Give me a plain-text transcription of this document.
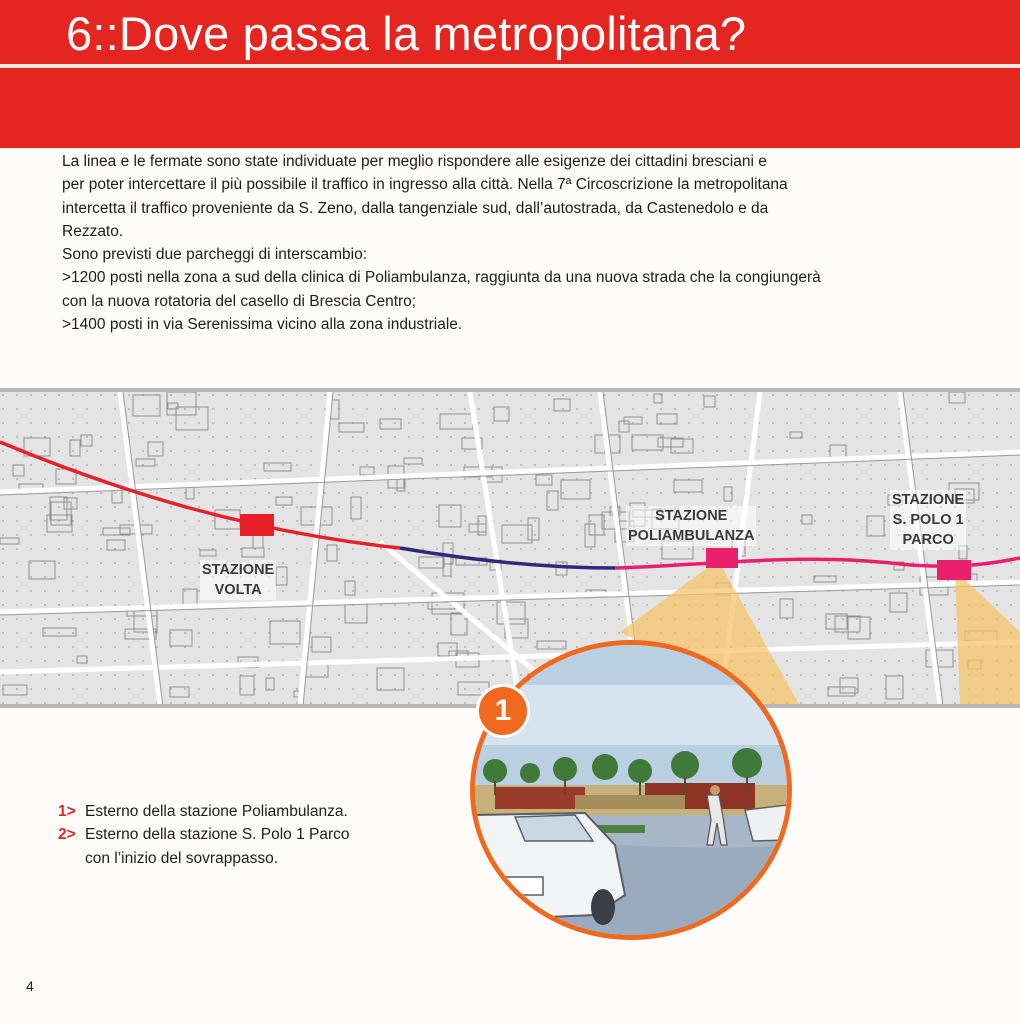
6::Dove passa la metropolitana?

La linea e le fermate sono state individuate per meglio rispondere alle esigenze dei cittadini bresciani e
per poter intercettare il più possibile il traffico in ingresso alla città. Nella 7ª Circoscrizione la metropolitana
intercetta il traffico proveniente da S. Zeno, dalla tangenziale sud, dall’autostrada, da Castenedolo e da
Rezzato.
Sono previsti due parcheggi di interscambio:
>1200 posti nella zona a sud della clinica di Poliambulanza, raggiunta da una nuova strada che la congiungerà
con la nuova rotatoria del casello di Brescia Centro;
>1400 posti in via Serenissima vicino alla zona industriale.

STAZIONE
VOLTA
STAZIONE
POLIAMBULANZA
STAZIONE
S. POLO 1
PARCO
1
1> Esterno della stazione Poliambulanza.
2> Esterno della stazione S. Polo 1 Parco
con l’inizio del sovrappasso.
4
